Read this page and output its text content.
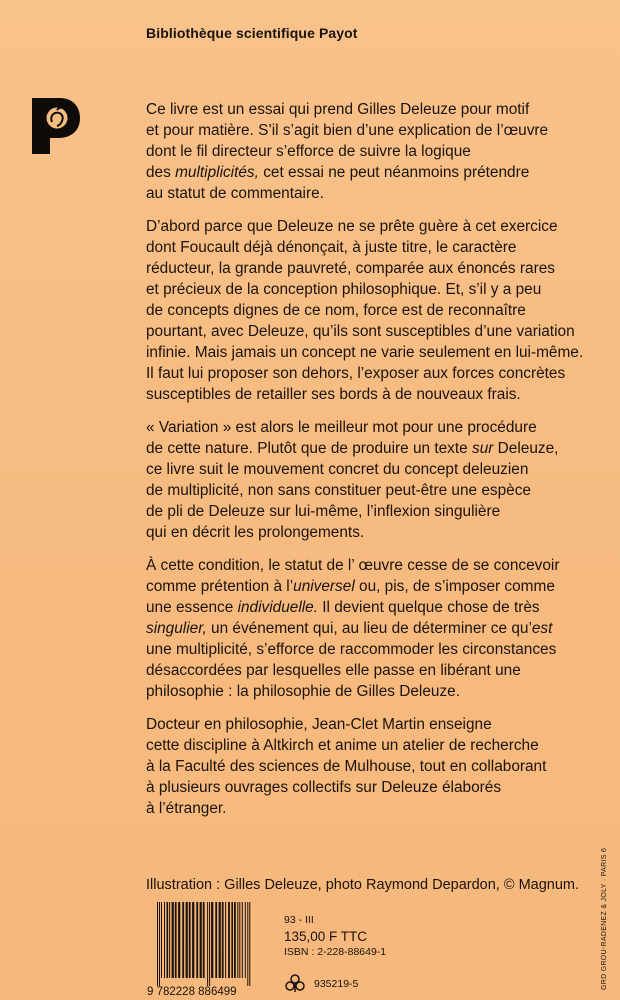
Bibliothèque scientifique Payot
Ce livre est un essai qui prend Gilles Deleuze pour motif
et pour matière. S’il s’agit bien d’une explication de l’œuvre
dont le fil directeur s’efforce de suivre la logique
des multiplicités, cet essai ne peut néanmoins prétendre
au statut de commentaire.
D’abord parce que Deleuze ne se prête guère à cet exercice
dont Foucault déjà dénonçait, à juste titre, le caractère
réducteur, la grande pauvreté, comparée aux énoncés rares
et précieux de la conception philosophique. Et, s’il y a peu
de concepts dignes de ce nom, force est de reconnaître
pourtant, avec Deleuze, qu’ils sont susceptibles d’une variation
infinie. Mais jamais un concept ne varie seulement en lui-même.
Il faut lui proposer son dehors, l’exposer aux forces concrètes
susceptibles de retailler ses bords à de nouveaux frais.
« Variation » est alors le meilleur mot pour une procédure
de cette nature. Plutôt que de produire un texte sur Deleuze,
ce livre suit le mouvement concret du concept deleuzien
de multiplicité, non sans constituer peut-être une espèce
de pli de Deleuze sur lui-même, l’inflexion singulière
qui en décrit les prolongements.
À cette condition, le statut de l’ œuvre cesse de se concevoir
comme prétention à l’universel ou, pis, de s’imposer comme
une essence individuelle. Il devient quelque chose de très
singulier, un événement qui, au lieu de déterminer ce qu’est
une multiplicité, s’efforce de raccommoder les circonstances
désaccordées par lesquelles elle passe en libérant une
philosophie : la philosophie de Gilles Deleuze.
Docteur en philosophie, Jean-Clet Martin enseigne
cette discipline à Altkirch et anime un atelier de recherche
à la Faculté des sciences de Mulhouse, tout en collaborant
à plusieurs ouvrages collectifs sur Deleuze élaborés
à l’étranger.
Illustration : Gilles Deleuze, photo Raymond Depardon, © Magnum.
9 782228 886499
93 - III
135,00 F TTC
ISBN : 2-228-88649-1
935219-5	GRD GROU-RADENEZ & JOLY · PARIS 6
